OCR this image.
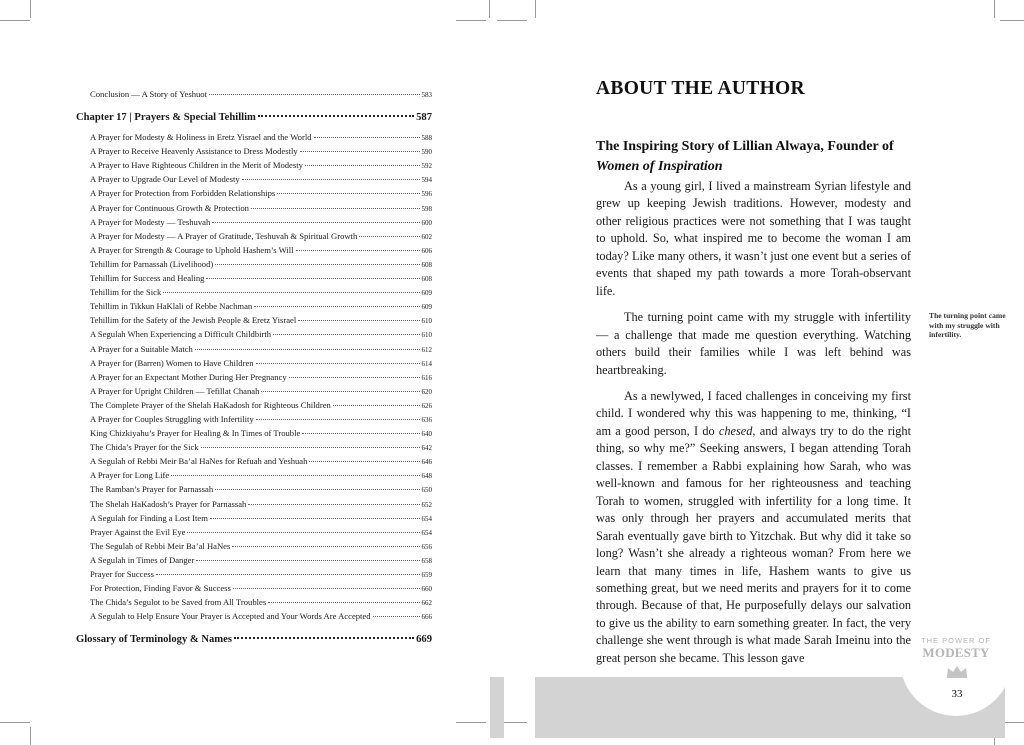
Conclusion — A Story of Yeshuot	583
Chapter 17 | Prayers & Special Tehillim	587
A Prayer for Modesty & Holiness in Eretz Yisrael and the World	588
A Prayer to Receive Heavenly Assistance to Dress Modestly	590
A Prayer to Have Righteous Children in the Merit of Modesty	592
A Prayer to Upgrade Our Level of Modesty	594
A Prayer for Protection from Forbidden Relationships	596
A Prayer for Continuous Growth & Protection	598
A Prayer for Modesty — Teshuvah	600
A Prayer for Modesty — A Prayer of Gratitude, Teshuvah & Spiritual Growth	602
A Prayer for Strength & Courage to Uphold Hashem’s Will	606
Tehillim for Parnassah (Livelihood)	608
Tehillim for Success and Healing	608
Tehillim for the Sick	609
Tehillim in Tikkun HaKlali of Rebbe Nachman	609
Tehillim for the Safety of the Jewish People & Eretz Yisrael	610
A Segulah When Experiencing a Difficult Childbirth	610
A Prayer for a Suitable Match	612
A Prayer for (Barren) Women to Have Children	614
A Prayer for an Expectant Mother During Her Pregnancy	616
A Prayer for Upright Children — Tefillat Chanah	620
The Complete Prayer of the Shelah HaKadosh for Righteous Children	626
A Prayer for Couples Struggling with Infertility	636
King Chizkiyahu’s Prayer for Healing & In Times of Trouble	640
The Chida’s Prayer for the Sick	642
A Segulah of Rebbi Meir Ba’al HaNes for Refuah and Yeshuah	646
A Prayer for Long Life	648
The Ramban’s Prayer for Parnassah	650
The Shelah HaKadosh’s Prayer for Parnassah	652
A Segulah for Finding a Lost Item	654
Prayer Against the Evil Eye	654
The Segulah of Rebbi Meir Ba’al HaNes	656
A Segulah in Times of Danger	658
Prayer for Success	659
For Protection, Finding Favor & Success	660
The Chida’s Segulot to be Saved from All Troubles	662
A Segulah to Help Ensure Your Prayer is Accepted and Your Words Are Accepted	666
Glossary of Terminology & Names	669
ABOUT THE AUTHOR
The Inspiring Story of Lillian Alwaya, Founder of
Women of Inspiration

As a young girl, I lived a mainstream Syrian lifestyle and grew up keeping Jewish traditions. However, modesty and other religious practices were not something that I was taught to uphold. So, what inspired me to become the woman I am today? Like many others, it wasn’t just one event but a series of events that shaped my path towards a more Torah-observant life.

The turning point came with my struggle with infertility — a challenge that made me question everything. Watching others build their families while I was left behind was heartbreaking.

As a newlywed, I faced challenges in conceiving my first child. I wondered why this was happening to me, thinking, “I am a good person, I do chesed, and always try to do the right thing, so why me?” Seeking answers, I began attending Torah classes. I remember a Rabbi explaining how Sarah, who was well-known and famous for her righteousness and teaching Torah to women, struggled with infertility for a long time. It was only through her prayers and accumulated merits that Sarah eventually gave birth to Yitzchak. But why did it take so long? Wasn’t she already a righteous woman? From here we learn that many times in life, Hashem wants to give us something great, but we need merits and prayers for it to come through. Because of that, He purposefully delays our salvation to give us the ability to earn something greater. In fact, the very challenge she went through is what made Sarah Imeinu into the great person she became. This lesson gave

The turning point came with my struggle with infertility.
THE POWER OF
MODESTY
33
